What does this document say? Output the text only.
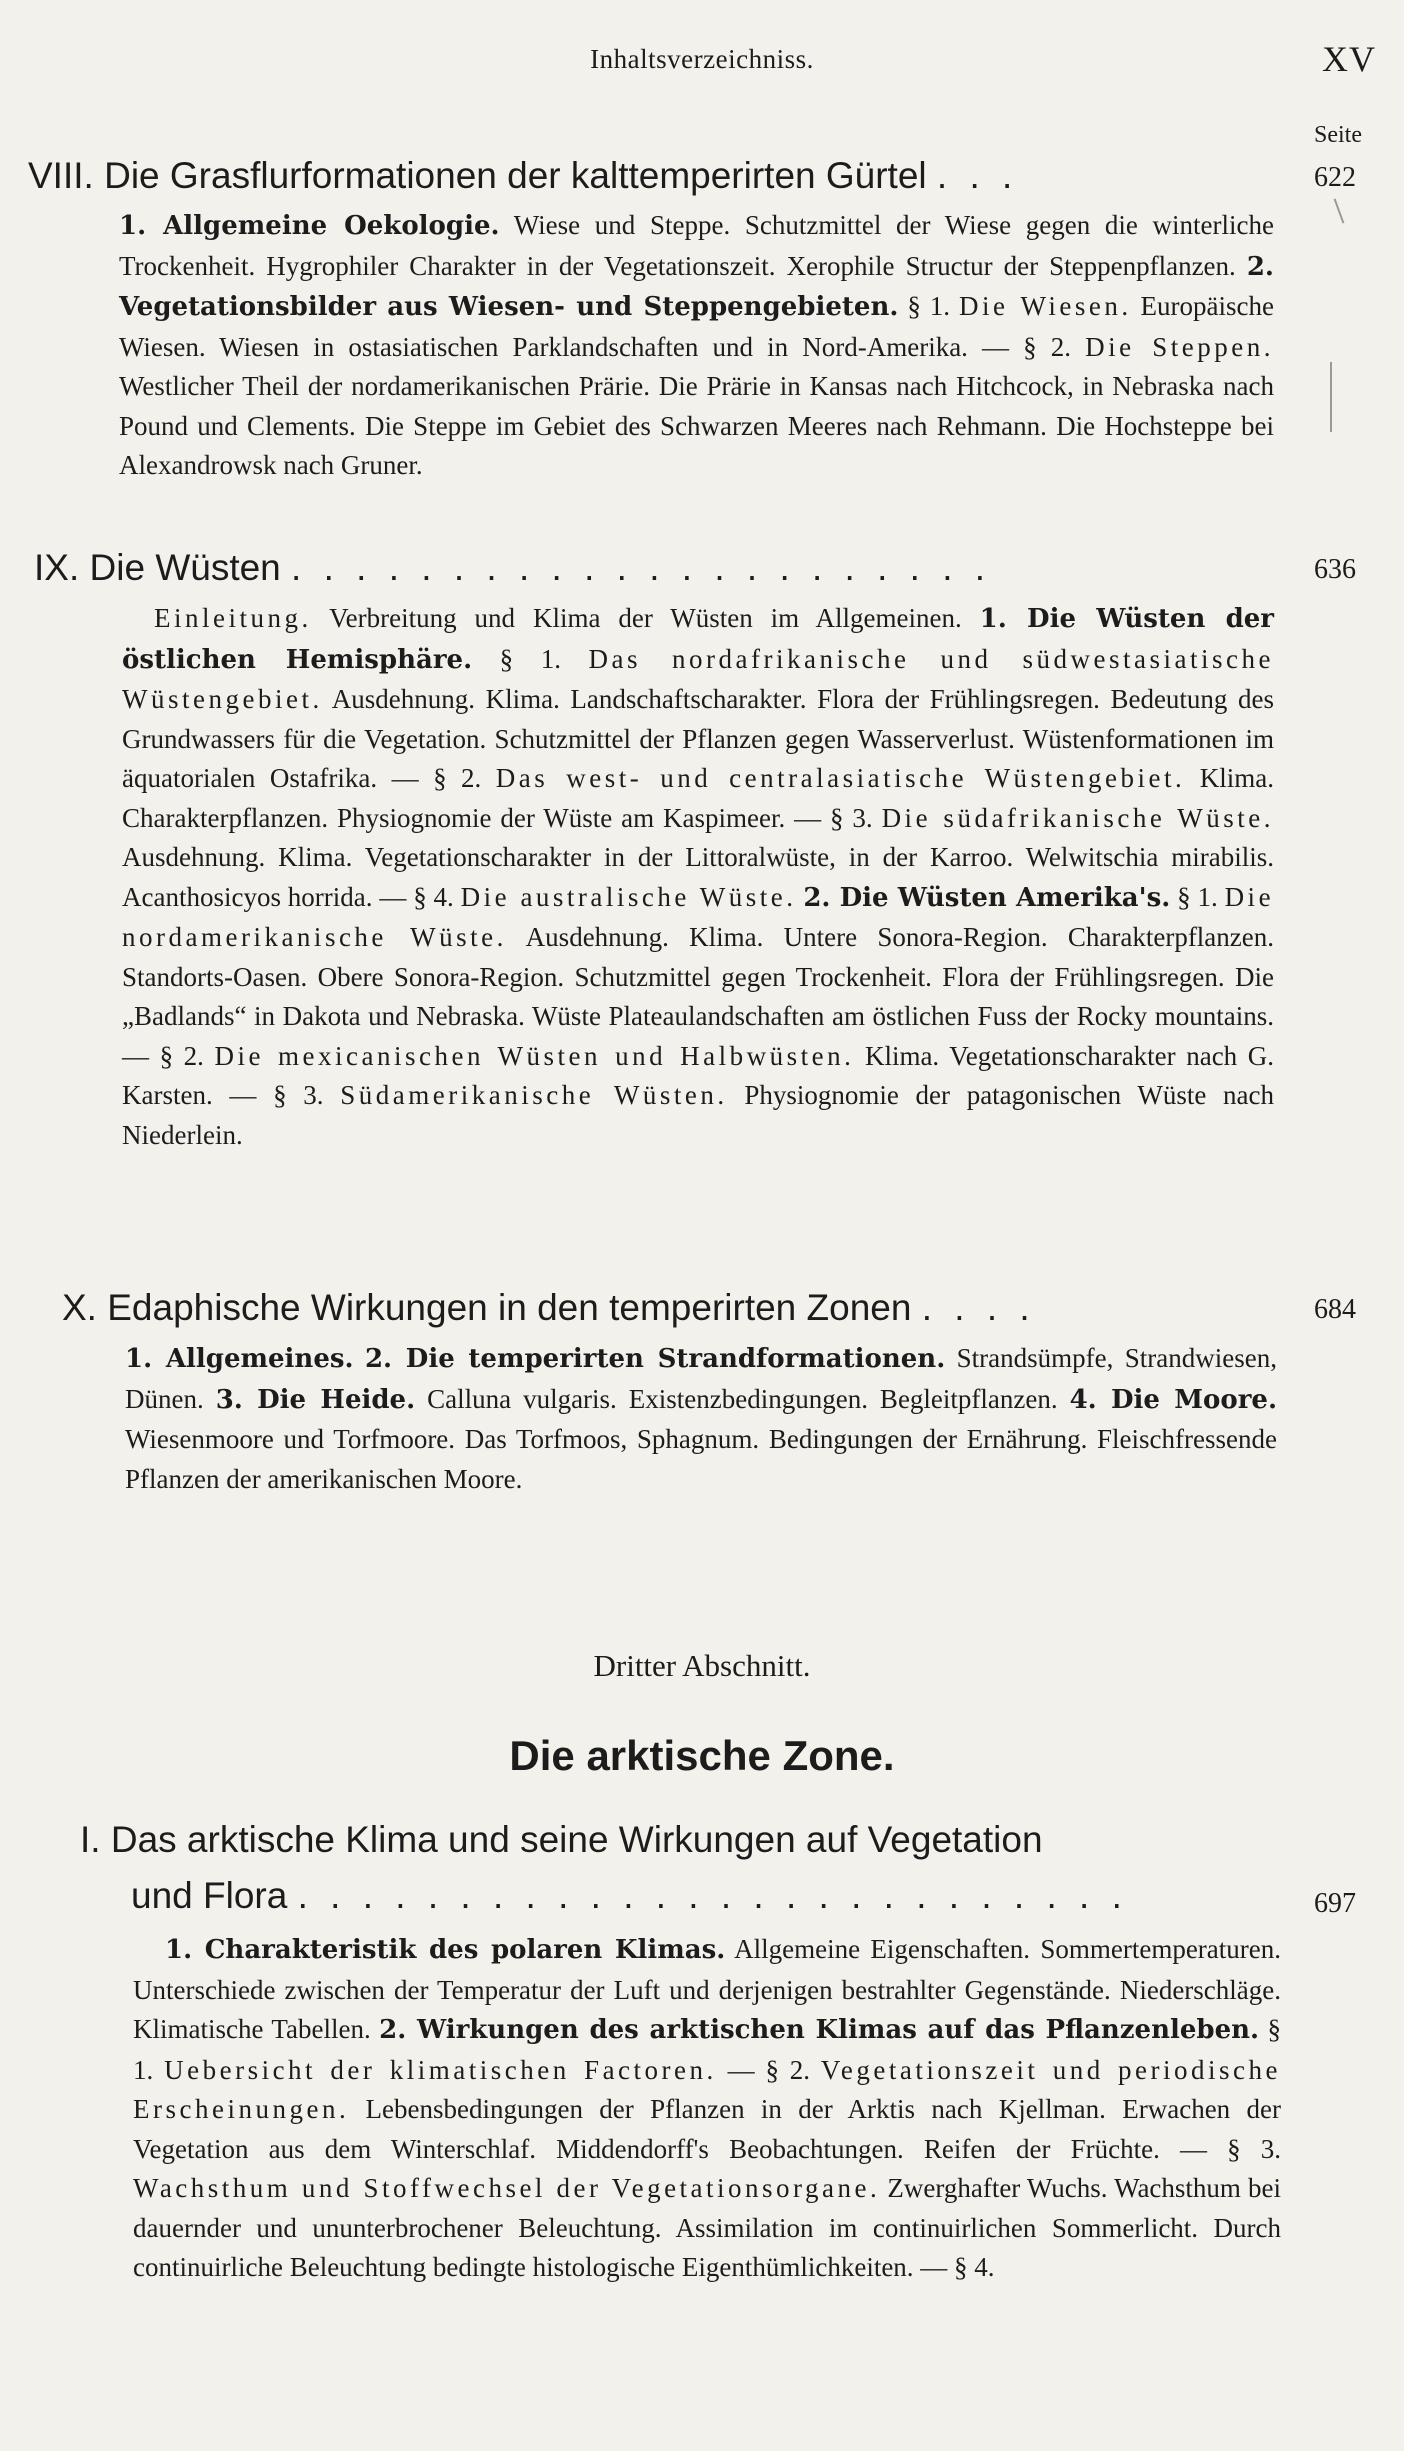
Inhaltsverzeichniss.	XV
Seite
VIII. Die Grasflurformationen der kalttemperirten Gürtel . . .	622
1. Allgemeine Oekologie. Wiese und Steppe. Schutzmittel der Wiese gegen die winterliche Trockenheit. Hygrophiler Charakter in der Vegetationszeit. Xerophile Structur der Steppenpflanzen. 2. Vegetationsbilder aus Wiesen- und Steppengebieten. § 1. Die Wiesen. Europäische Wiesen. Wiesen in ostasiatischen Parklandschaften und in Nord-Amerika. — § 2. Die Steppen. Westlicher Theil der nordamerikanischen Prärie. Die Prärie in Kansas nach Hitchcock, in Nebraska nach Pound und Clements. Die Steppe im Gebiet des Schwarzen Meeres nach Rehmann. Die Hochsteppe bei Alexandrowsk nach Gruner.
IX. Die Wüsten . . . . . . . . . . . . . . . . . . . . . .	636
Einleitung. Verbreitung und Klima der Wüsten im Allgemeinen. 1. Die Wüsten der östlichen Hemisphäre. § 1. Das nordafrikanische und südwestasiatische Wüstengebiet. Ausdehnung. Klima. Landschaftscharakter. Flora der Frühlingsregen. Bedeutung des Grundwassers für die Vegetation. Schutzmittel der Pflanzen gegen Wasserverlust. Wüstenformationen im äquatorialen Ostafrika. — § 2. Das west- und centralasiatische Wüstengebiet. Klima. Charakterpflanzen. Physiognomie der Wüste am Kaspimeer. — § 3. Die südafrikanische Wüste. Ausdehnung. Klima. Vegetationscharakter in der Littoralwüste, in der Karroo. Welwitschia mirabilis. Acanthosicyos horrida. — § 4. Die australische Wüste. 2. Die Wüsten Amerika's. § 1. Die nordamerikanische Wüste. Ausdehnung. Klima. Untere Sonora-Region. Charakterpflanzen. Standorts-Oasen. Obere Sonora-Region. Schutzmittel gegen Trockenheit. Flora der Frühlingsregen. Die „Badlands“ in Dakota und Nebraska. Wüste Plateaulandschaften am östlichen Fuss der Rocky mountains. — § 2. Die mexicanischen Wüsten und Halbwüsten. Klima. Vegetationscharakter nach G. Karsten. — § 3. Südamerikanische Wüsten. Physiognomie der patagonischen Wüste nach Niederlein.
X. Edaphische Wirkungen in den temperirten Zonen . . . .	684
1. Allgemeines. 2. Die temperirten Strandformationen. Strandsümpfe, Strandwiesen, Dünen. 3. Die Heide. Calluna vulgaris. Existenzbedingungen. Begleitpflanzen. 4. Die Moore. Wiesenmoore und Torfmoore. Das Torfmoos, Sphagnum. Bedingungen der Ernährung. Fleischfressende Pflanzen der amerikanischen Moore.
Dritter Abschnitt.
Die arktische Zone.
I. Das arktische Klima und seine Wirkungen auf Vegetation
und Flora . . . . . . . . . . . . . . . . . . . . . . . . . .	697
1. Charakteristik des polaren Klimas. Allgemeine Eigenschaften. Sommertemperaturen. Unterschiede zwischen der Temperatur der Luft und derjenigen bestrahlter Gegenstände. Niederschläge. Klimatische Tabellen. 2. Wirkungen des arktischen Klimas auf das Pflanzenleben. § 1. Uebersicht der klimatischen Factoren. — § 2. Vegetationszeit und periodische Erscheinungen. Lebensbedingungen der Pflanzen in der Arktis nach Kjellman. Erwachen der Vegetation aus dem Winterschlaf. Middendorff's Beobachtungen. Reifen der Früchte. — § 3. Wachsthum und Stoffwechsel der Vegetationsorgane. Zwerghafter Wuchs. Wachsthum bei dauernder und ununterbrochener Beleuchtung. Assimilation im continuirlichen Sommerlicht. Durch continuirliche Beleuchtung bedingte histologische Eigenthümlichkeiten. — § 4.
